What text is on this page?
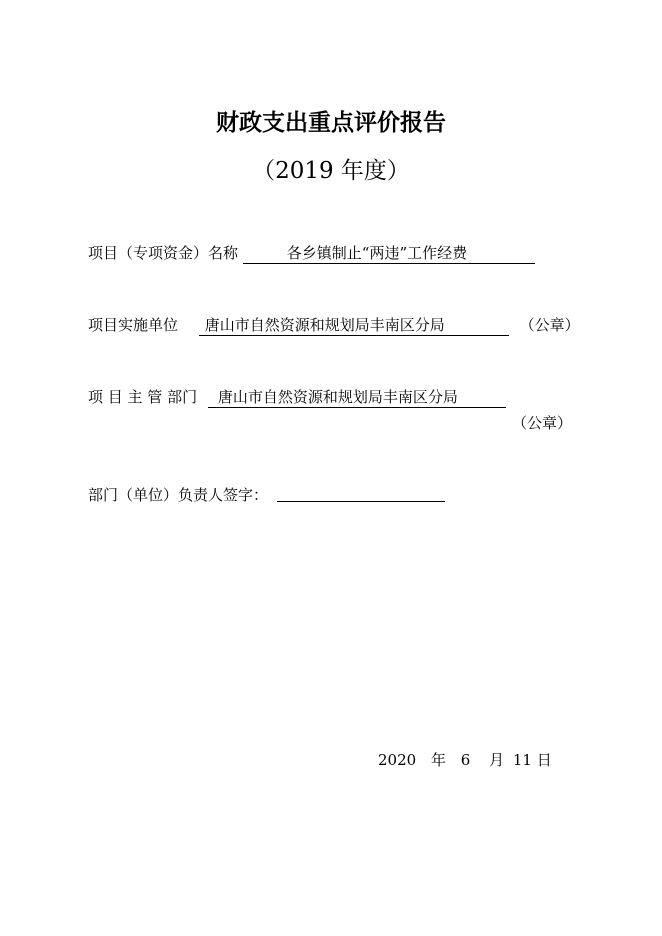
财政支出重点评价报告
（2019 年度）
项目（专项资金）名称	各乡镇制止“两违”工作经费
项目实施单位 唐山市自然资源和规划局丰南区分局	（公章）
项 目 主 管 部门 唐山市自然资源和规划局丰南区分局
（公章）
部门（单位）负责人签字：
2020 年 6 月 11 日
